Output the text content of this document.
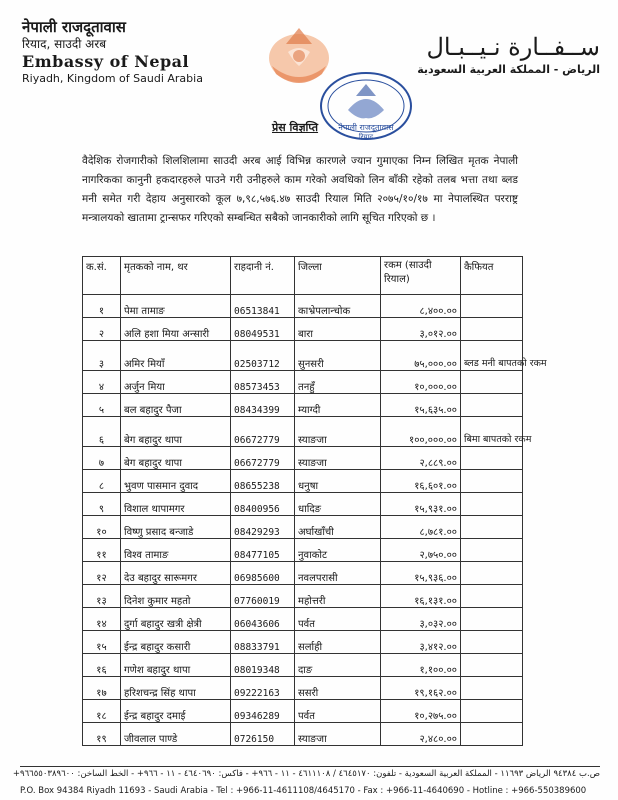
नेपाली राजदूतावास
रियाद, साउदी अरब
Embassy of Nepal
Riyadh, Kingdom of Saudi Arabia
नेपाली राजदूतावास
रियाद
ســفــارة نـيــبـال
الرياض - المملكة العربية السعودية
प्रेस विज्ञप्ति
वैदेशिक रोजगारीको शिलशिलामा साउदी अरब आई विभिन्न कारणले ज्यान गुमाएका निम्न लिखित मृतक नेपाली नागरिकका कानुनी हकदारहरुले पाउने गरी उनीहरुले काम गरेको अवधिको लिन बाँकी रहेको तलब भत्ता तथा ब्लड मनी समेत गरी देहाय अनुसारको कूल ७,९८,५७६.४७ साउदी रियाल मिति २०७५/१०/१७ मा नेपालस्थित परराष्ट्र मन्त्रालयको खातामा ट्रान्सफर गरिएको सम्बन्धित सबैको जानकारीको लागि सूचित गरिएको छ ।
क.सं.	मृतकको नाम, थर	राहदानी नं.	जिल्ला	रकम (साउदी रियाल)	कैफियत
१	पेमा तामाङ	06513841	काभ्रेपलान्चोक	८,४००.००	
२	अलि हशा मिया अन्सारी	08049531	बारा	३,०१२.००	
३	अमिर मियाँ	02503712	सुनसरी	७५,०००.००	ब्लड मनी बापतको रकम
४	अर्जुन मिया	08573453	तनहुँ	१०,०००.००	
५	बल बहादुर पैजा	08434399	म्याग्दी	१५,६३५.००	
६	बेग बहादुर थापा	06672779	स्याङजा	१००,०००.००	बिमा बापतको रकम
७	बेग बहादुर थापा	06672779	स्याङजा	२,८८९.००	
८	भुवण पासमान दुवाद	08655238	धनुषा	१६,६०१.००	
९	विशाल थापामगर	08400956	धादिङ	१५,९३१.००	
१०	विष्णु प्रसाद बन्जाडे	08429293	अर्घाखाँची	८,७८१.००	
११	विश्व तामाङ	08477105	नुवाकोट	२,७५०.००	
१२	देउ बहादुर सारूमगर	06985600	नवलपरासी	१५,९३६.००	
१३	दिनेश कुमार महतो	07760019	महोत्तरी	१६,१३१.००	
१४	दुर्गा बहादुर खत्री क्षेत्री	06043606	पर्वत	३,०३२.००	
१५	ईन्द्र बहादुर कसारी	08833791	सर्लाही	३,४१२.००	
१६	गणेश बहादुर थापा	08019348	दाङ	१,१००.००	
१७	हरिशचन्द्र सिंह थापा	09222163	ससरी	१९,१६२.००	
१८	ईन्द्र बहादुर दमाई	09346289	पर्वत	१०,२७५.००	
१९	जीवलाल पाण्डे	0726150	स्याङजा	२,४८०.००	
ص.ب ٩٤٣٨٤ الرياض ١١٦٩٣ - المملكة العربية السعودية - تلفون: ٤٦٤٥١٧٠ / ٤٦١١١٠٨ - ١١ - ٩٦٦+ - فاكس: ٤٦٤٠٦٩٠ - ١١ - ٩٦٦+ - الخط الساخن: ٩٦٦٥٥٠٣٨٩٦٠٠+
P.O. Box 94384 Riyadh 11693 - Saudi Arabia - Tel : +966-11-4611108/4645170 - Fax : +966-11-4640690 - Hotline : +966-550389600
